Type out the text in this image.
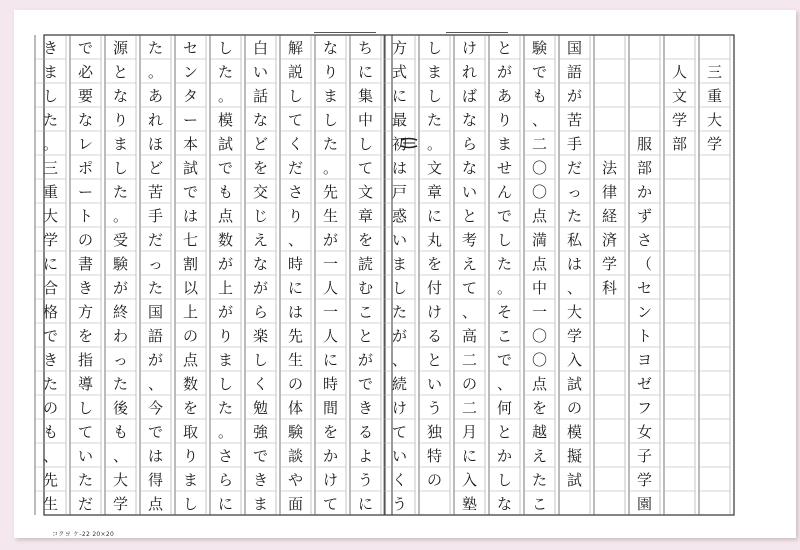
三
重
大
学

人
文
学
部

服
部
か
ず
さ
（
セ
ン
ト
ヨ
ゼ
フ
女
子
学
園

法
律
経
済
学
科
国
語
が
苦
手
だ
っ
た
私
は
、
大
学
入
試
の
模
擬
試
験
で
も
、
二
〇
〇
点
満
点
中
一
〇
〇
点
を
越
え
た
こ
と
が
あ
り
ま
せ
ん
で
し
た
。
そ
こ
で
、
何
と
か
し
な
け
れ
ば
な
ら
な
い
と
考
え
て
、
高
二
の
二
月
に
入
塾
し
ま
し
た
。
文
章
に
丸
を
付
け
る
と
い
う
独
特
の
方
式
に
最
初
は
戸
惑
い
ま
し
た
が
、
続
け
て
い
く
う
ち
に
集
中
し
て
文
章
を
読
む
こ
と
が
で
き
る
よ
う
に
な
り
ま
し
た
。
先
生
が
一
人
一
人
に
時
間
を
か
け
て
解
説
し
て
く
だ
さ
り
、
時
に
は
先
生
の
体
験
談
や
面
白
い
話
な
ど
を
交
じ
え
な
が
ら
楽
し
く
勉
強
で
き
ま
し
た
。
模
試
で
も
点
数
が
上
が
り
ま
し
た
。
さ
ら
に
セ
ン
タ
ー
本
試
で
は
七
割
以
上
の
点
数
を
取
り
ま
し
た
。
あ
れ
ほ
ど
苦
手
だ
っ
た
国
語
が
、
今
で
は
得
点
源
と
な
り
ま
し
た
。
受
験
が
終
わ
っ
た
後
も
、
大
学
で
必
要
な
レ
ポ
ー
ト
の
書
き
方
を
指
導
し
て
い
た
だ
き
ま
し
た
。
三
重
大
学
に
合
格
で
き
た
の
も
、
先
生
コクヨ ケ-22 20×20
